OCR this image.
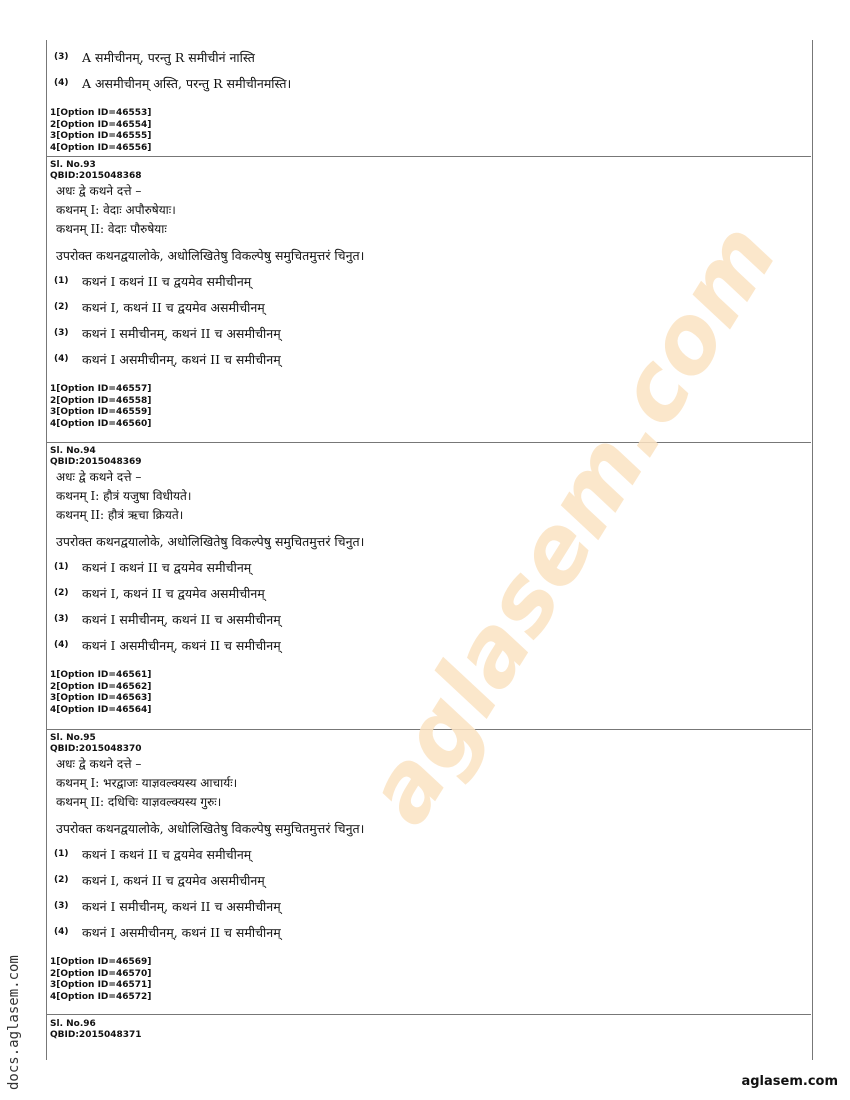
(3)	A समीचीनम्, परन्तु R समीचीनं नास्ति
(4)	A असमीचीनम् अस्ति, परन्तु R समीचीनमस्ति।
1[Option ID=46553]
2[Option ID=46554]
3[Option ID=46555]
4[Option ID=46556]
Sl. No.93
QBID:2015048368
अधः द्वे कथने दत्ते –
कथनम् I: वेदाः अपौरुषेयाः।
कथनम् II: वेदाः पौरुषेयाः
उपरोक्त कथनद्वयालोके, अधोलिखितेषु विकल्पेषु समुचितमुत्तरं चिनुत।
(1)	कथनं I कथनं II च द्वयमेव समीचीनम्
(2)	कथनं I, कथनं II च द्वयमेव असमीचीनम्
(3)	कथनं I समीचीनम्, कथनं II च असमीचीनम्
(4)	कथनं I असमीचीनम्, कथनं II च समीचीनम्
1[Option ID=46557]
2[Option ID=46558]
3[Option ID=46559]
4[Option ID=46560]
Sl. No.94
QBID:2015048369
अधः द्वे कथने दत्ते –
कथनम् I: हौत्रं यजुषा विधीयते।
कथनम् II: हौत्रं ऋचा क्रियते।
उपरोक्त कथनद्वयालोके, अधोलिखितेषु विकल्पेषु समुचितमुत्तरं चिनुत।
(1)	कथनं I कथनं II च द्वयमेव समीचीनम्
(2)	कथनं I, कथनं II च द्वयमेव असमीचीनम्
(3)	कथनं I समीचीनम्, कथनं II च असमीचीनम्
(4)	कथनं I असमीचीनम्, कथनं II च समीचीनम्
1[Option ID=46561]
2[Option ID=46562]
3[Option ID=46563]
4[Option ID=46564]
Sl. No.95
QBID:2015048370
अधः द्वे कथने दत्ते –
कथनम् I: भरद्वाजः याज्ञवल्क्यस्य आचार्यः।
कथनम् II: दधिचिः याज्ञवल्क्यस्य गुरुः।
उपरोक्त कथनद्वयालोके, अधोलिखितेषु विकल्पेषु समुचितमुत्तरं चिनुत।
(1)	कथनं I कथनं II च द्वयमेव समीचीनम्
(2)	कथनं I, कथनं II च द्वयमेव असमीचीनम्
(3)	कथनं I समीचीनम्, कथनं II च असमीचीनम्
(4)	कथनं I असमीचीनम्, कथनं II च समीचीनम्
1[Option ID=46569]
2[Option ID=46570]
3[Option ID=46571]
4[Option ID=46572]
Sl. No.96
QBID:2015048371
aglasem.com
docs.aglasem.com	aglasem.com
